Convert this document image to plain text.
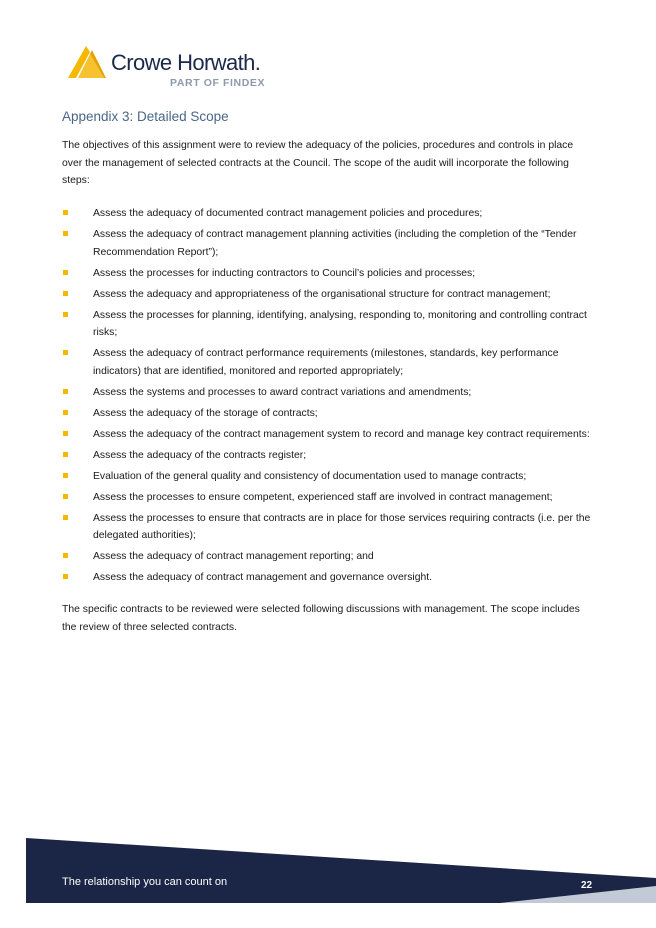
Crowe Horwath.
PART OF FINDEX
Appendix 3: Detailed Scope

The objectives of this assignment were to review the adequacy of the policies, procedures and controls in place over the management of selected contracts at the Council. The scope of the audit will incorporate the following steps:

Assess the adequacy of documented contract management policies and procedures;
Assess the adequacy of contract management planning activities (including the completion of the “Tender Recommendation Report”);
Assess the processes for inducting contractors to Council’s policies and processes;
Assess the adequacy and appropriateness of the organisational structure for contract management;
Assess the processes for planning, identifying, analysing, responding to, monitoring and controlling contract risks;
Assess the adequacy of contract performance requirements (milestones, standards, key performance indicators) that are identified, monitored and reported appropriately;
Assess the systems and processes to award contract variations and amendments;
Assess the adequacy of the storage of contracts;
Assess the adequacy of the contract management system to record and manage key contract requirements:
Assess the adequacy of the contracts register;
Evaluation of the general quality and consistency of documentation used to manage contracts;
Assess the processes to ensure competent, experienced staff are involved in contract management;
Assess the processes to ensure that contracts are in place for those services requiring contracts (i.e. per the delegated authorities);
Assess the adequacy of contract management reporting; and
Assess the adequacy of contract management and governance oversight.

The specific contracts to be reviewed were selected following discussions with management. The scope includes the review of three selected contracts.

The relationship you can count on	22
